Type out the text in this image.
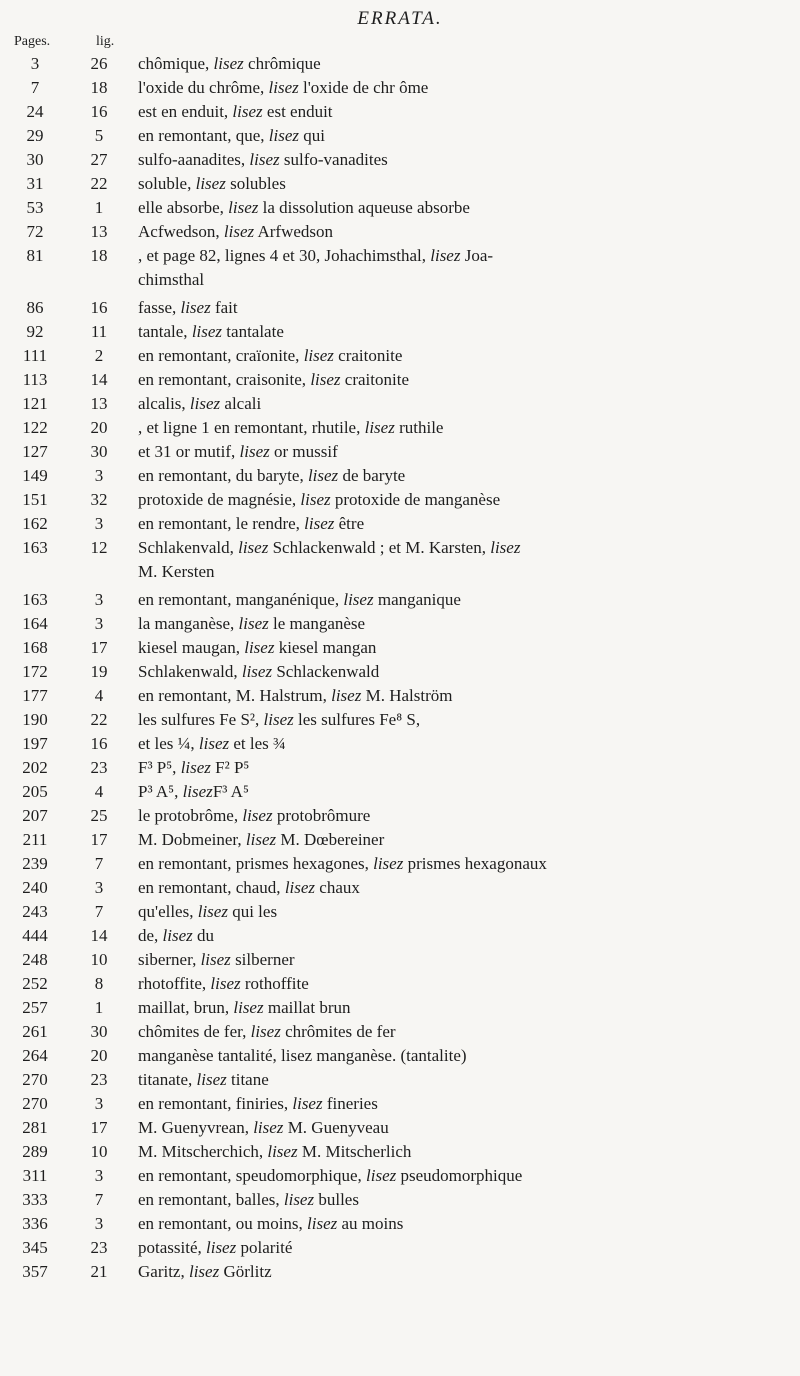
ERRATA.
Pages.	lig.
3	26	chômique, lisez chrômique
7	18	l'oxide du chrôme, lisez l'oxide de chr ôme
24	16	est en enduit, lisez est enduit
29	5	en remontant, que, lisez qui
30	27	sulfo-aanadites, lisez sulfo-vanadites
31	22	soluble, lisez solubles
53	1	elle absorbe, lisez la dissolution aqueuse absorbe
72	13	Acfwedson, lisez Arfwedson
81	18	, et page 82, lignes 4 et 30, Johachimsthal, lisez Joa-
chimsthal
86	16	fasse, lisez fait
92	11	tantale, lisez tantalate
111	2	en remontant, craïonite, lisez craitonite
113	14	en remontant, craisonite, lisez craitonite
121	13	alcalis, lisez alcali
122	20	, et ligne 1 en remontant, rhutile, lisez ruthile
127	30	et 31 or mutif, lisez or mussif
149	3	en remontant, du baryte, lisez de baryte
151	32	protoxide de magnésie, lisez protoxide de manganèse
162	3	en remontant, le rendre, lisez être
163	12	Schlakenvald, lisez Schlackenwald ; et M. Karsten, lisez
M. Kersten
163	3	en remontant, manganénique, lisez manganique
164	3	la manganèse, lisez le manganèse
168	17	kiesel maugan, lisez kiesel mangan
172	19	Schlakenwald, lisez Schlackenwald
177	4	en remontant, M. Halstrum, lisez M. Halström
190	22	les sulfures Fe S², lisez les sulfures Fe⁸ S,
197	16	et les ¼, lisez et les ¾
202	23	F³ P⁵, lisez F² P⁵
205	4	P³ A⁵, lisezF³ A⁵
207	25	le protobrôme, lisez protobrômure
211	17	M. Dobmeiner, lisez M. Dœbereiner
239	7	en remontant, prismes hexagones, lisez prismes hexagonaux
240	3	en remontant, chaud, lisez chaux
243	7	qu'elles, lisez qui les
444	14	de, lisez du
248	10	siberner, lisez silberner
252	8	rhotoffite, lisez rothoffite
257	1	maillat, brun, lisez maillat brun
261	30	chômites de fer, lisez chrômites de fer
264	20	manganèse tantalité, lisez manganèse. (tantalite)
270	23	titanate, lisez titane
270	3	en remontant, finiries, lisez fineries
281	17	M. Guenyvrean, lisez M. Guenyveau
289	10	M. Mitscherchich, lisez M. Mitscherlich
311	3	en remontant, speudomorphique, lisez pseudomorphique
333	7	en remontant, balles, lisez bulles
336	3	en remontant, ou moins, lisez au moins
345	23	potassité, lisez polarité
357	21	Garitz, lisez Görlitz
